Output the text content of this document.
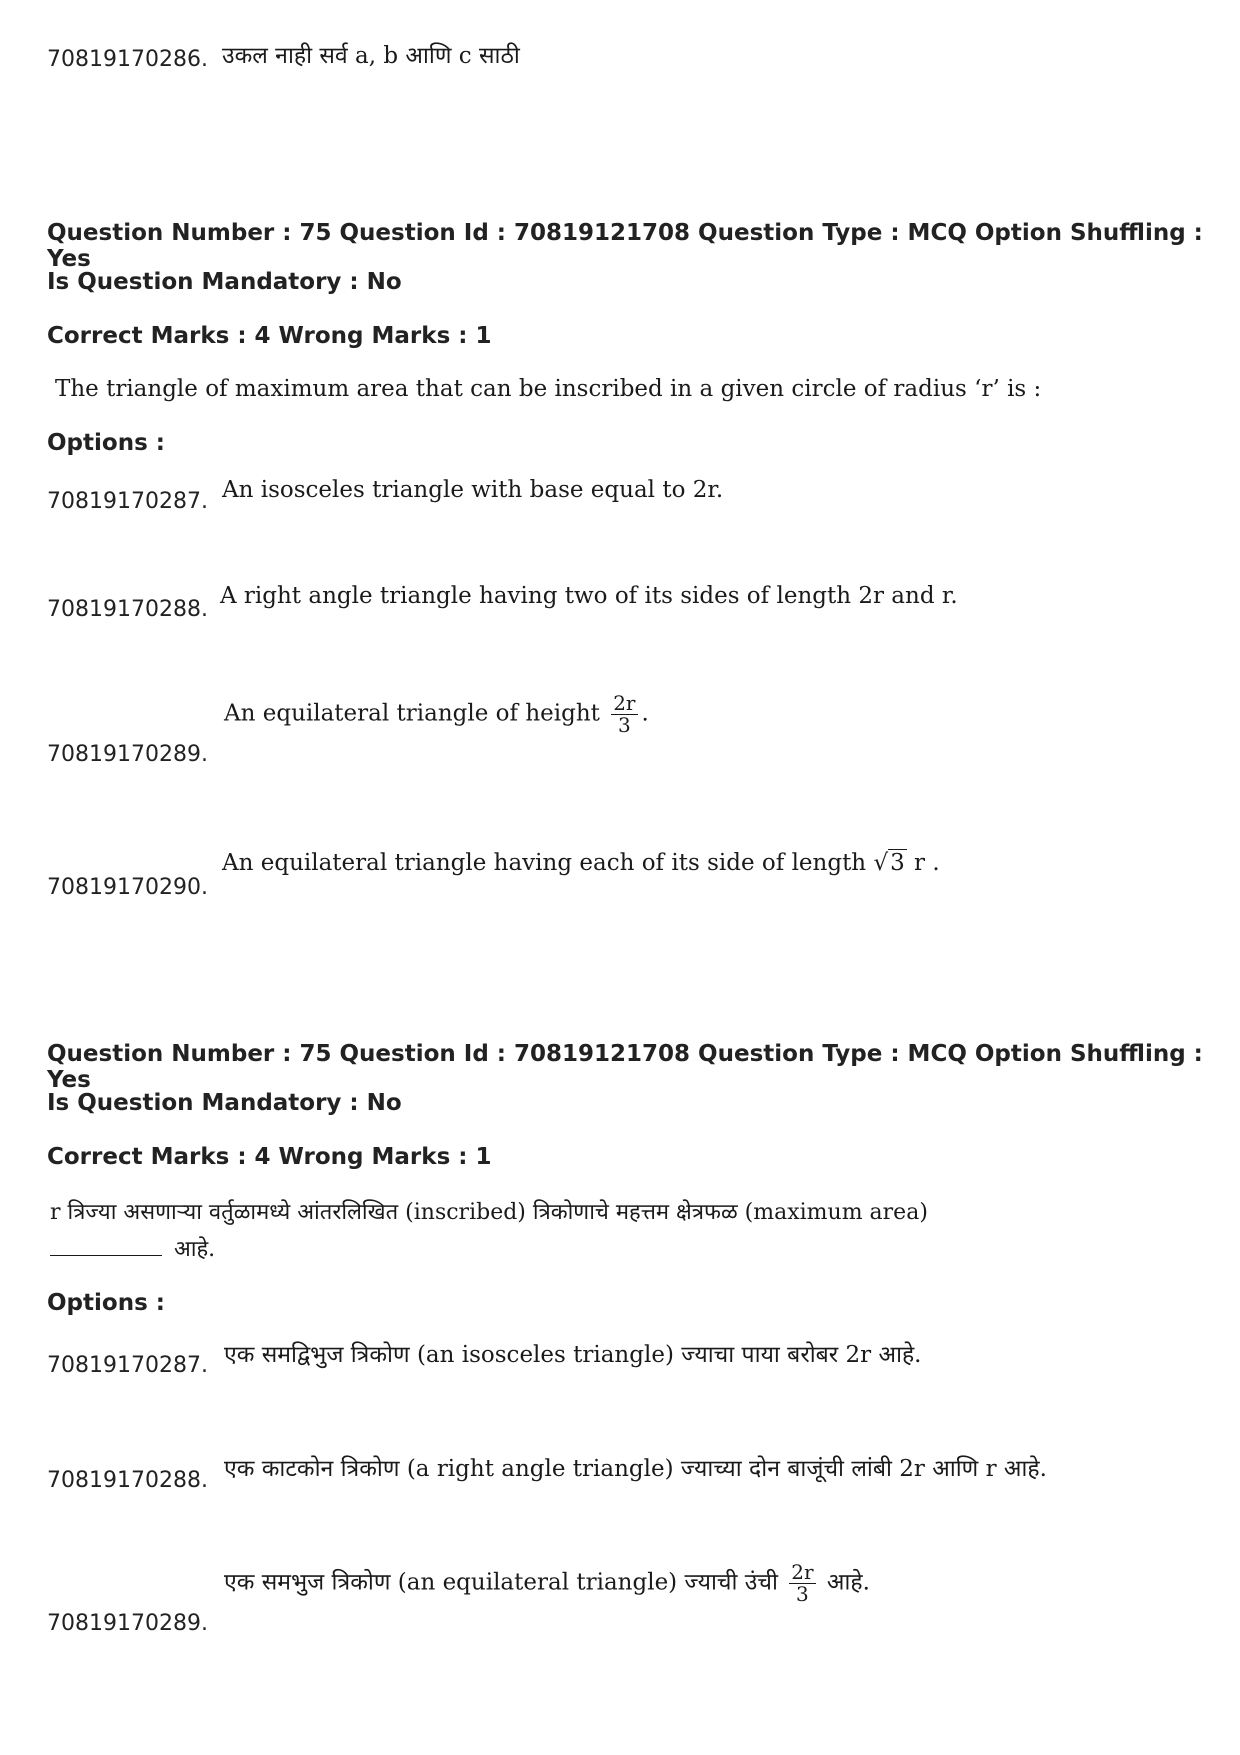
70819170286. उकल नाही सर्व a, b आणि c साठी
Question Number : 75 Question Id : 70819121708 Question Type : MCQ Option Shuffling : Yes
Is Question Mandatory : No
Correct Marks : 4 Wrong Marks : 1
The triangle of maximum area that can be inscribed in a given circle of radius ‘r’ is :
Options :
70819170287. An isosceles triangle with base equal to 2r.
70819170288.
A right angle triangle having two of its sides of length 2r and r.
70819170289.
An equilateral triangle of height $\frac{2r}{3}$ .
70819170290.
An equilateral triangle having each of its side of length √3 r .
Question Number : 75 Question Id : 70819121708 Question Type : MCQ Option Shuffling : Yes
Is Question Mandatory : No
Correct Marks : 4 Wrong Marks : 1
r त्रिज्या असणाऱ्या वर्तुळामध्ये आंतरलिखित (inscribed) त्रिकोणाचे महत्तम क्षेत्रफळ (maximum area)
आहे.
Options :
70819170287. एक समद्विभुज त्रिकोण (an isosceles triangle) ज्याचा पाया बरोबर 2r आहे.
70819170288. एक काटकोन त्रिकोण (a right angle triangle) ज्याच्या दोन बाजूंची लांबी 2r आणि r आहे.
70819170289.
एक समभुज त्रिकोण (an equilateral triangle) ज्याची उंची $\frac{2r}{3}$ आहे.
